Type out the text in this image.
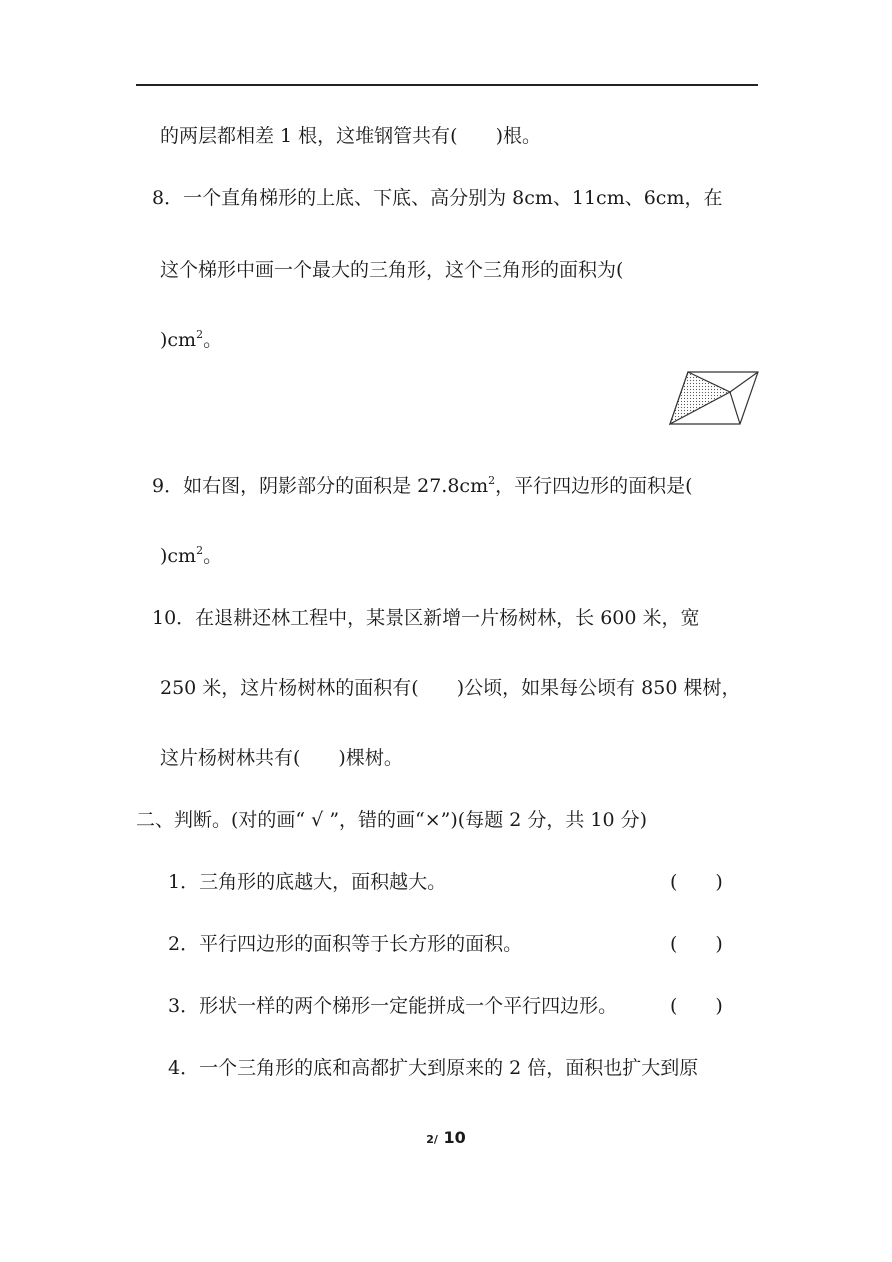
的两层都相差 1 根，这堆钢管共有(　　)根。
8．一个直角梯形的上底、下底、高分别为 8cm、11cm、6cm，在
这个梯形中画一个最大的三角形，这个三角形的面积为(
)$cm^2$。
9．如右图，阴影部分的面积是 $27.8cm^2$，平行四边形的面积是(
)$cm^2$。
10．在退耕还林工程中，某景区新增一片杨树林，长 600 米，宽
250 米，这片杨树林的面积有(　　)公顷，如果每公顷有 850 棵树，
这片杨树林共有(　　)棵树。
二、判断。(对的画“ √ ”，错的画“×”)(每题 2 分，共 10 分)
1．三角形的底越大，面积越大。	(　　)
2．平行四边形的面积等于长方形的面积。	(　　)
3．形状一样的两个梯形一定能拼成一个平行四边形。	(　　)
4．一个三角形的底和高都扩大到原来的 2 倍，面积也扩大到原
2/ 10
